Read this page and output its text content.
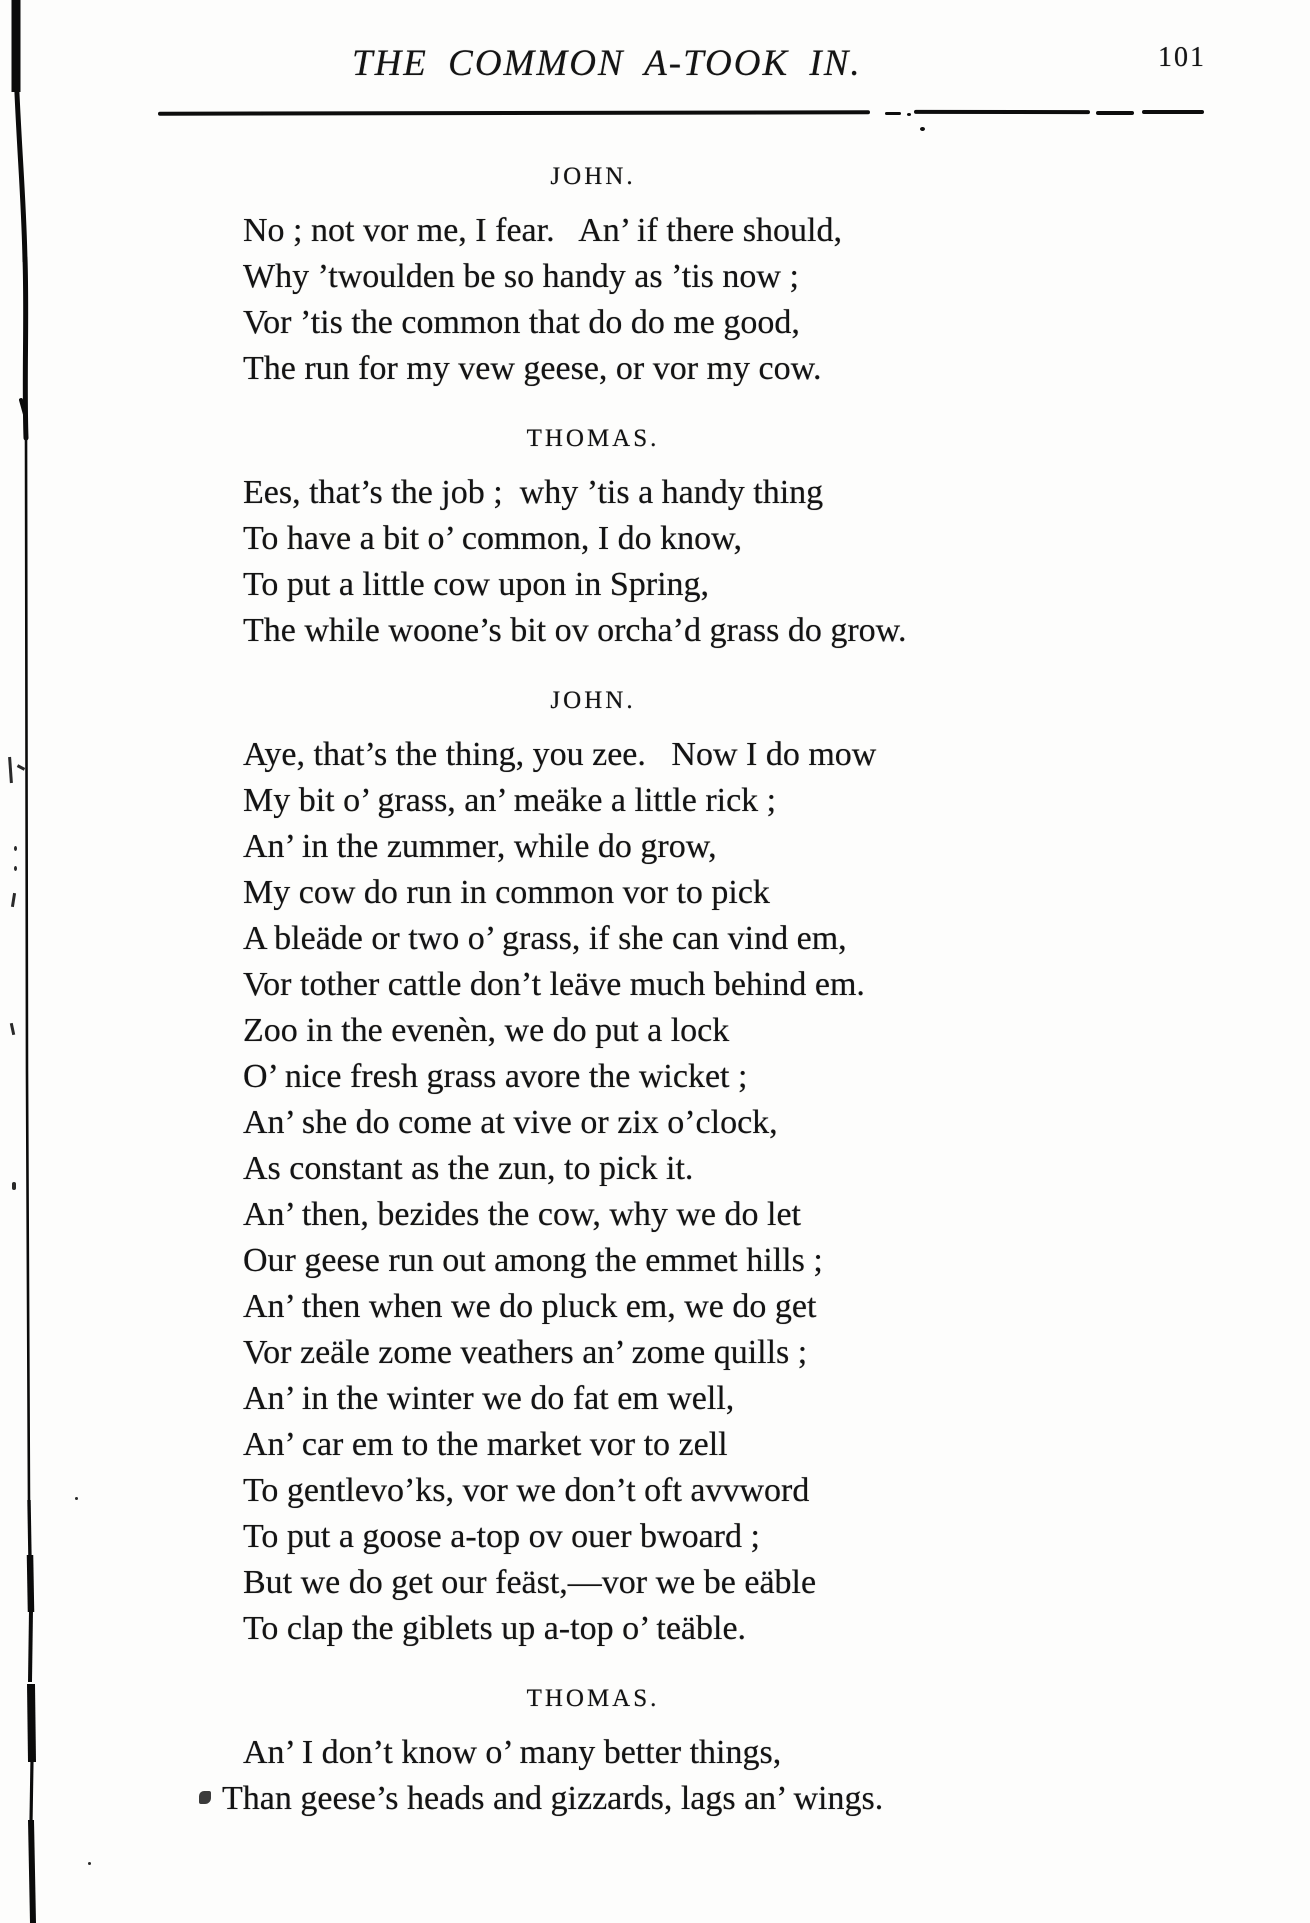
THE COMMON A-TOOK IN.	101
JOHN.
No ; not vor me, I fear.   An’ if there should,
Why ’twoulden be so handy as ’tis now ;
Vor ’tis the common that do do me good,
The run for my vew geese, or vor my cow.
THOMAS.
Ees, that’s the job ;  why ’tis a handy thing
To have a bit o’ common, I do know,
To put a little cow upon in Spring,
The while woone’s bit ov orcha’d grass do grow.
JOHN.
Aye, that’s the thing, you zee.   Now I do mow
My bit o’ grass, an’ meäke a little rick ;
An’ in the zummer, while do grow,
My cow do run in common vor to pick
A bleäde or two o’ grass, if she can vind em,
Vor tother cattle don’t leäve much behind em.
Zoo in the evenèn, we do put a lock
O’ nice fresh grass avore the wicket ;
An’ she do come at vive or zix o’clock,
As constant as the zun, to pick it.
An’ then, bezides the cow, why we do let
Our geese run out among the emmet hills ;
An’ then when we do pluck em, we do get
Vor zeäle zome veathers an’ zome quills ;
An’ in the winter we do fat em well,
An’ car em to the market vor to zell
To gentlevo’ks, vor we don’t oft avvword
To put a goose a-top ov ouer bwoard ;
But we do get our feäst,—vor we be eäble
To clap the giblets up a-top o’ teäble.
THOMAS.
An’ I don’t know o’ many better things,
Than geese’s heads and gizzards, lags an’ wings.
